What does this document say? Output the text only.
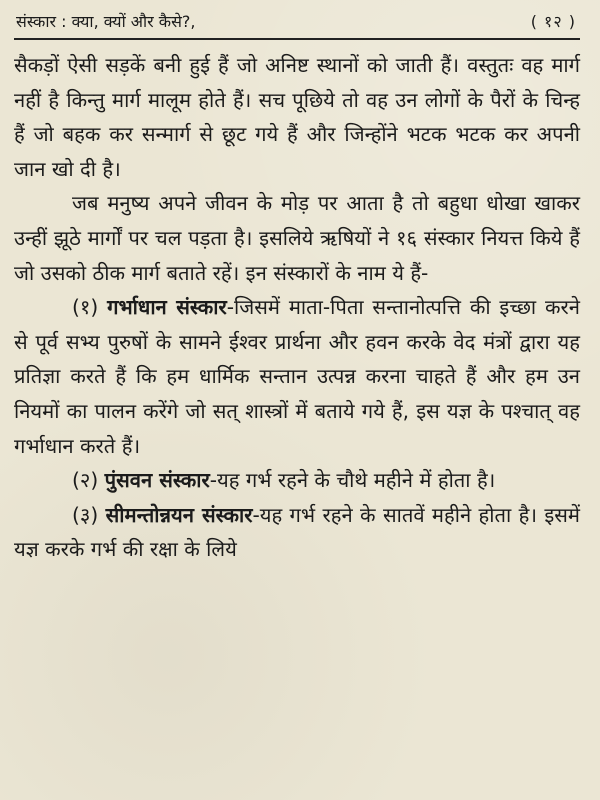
संस्कार : क्या, क्यों और कैसे?,	( १२ )

सैकड़ों ऐसी सड़कें बनी हुई हैं जो अनिष्ट स्थानों को जाती हैं। वस्तुतः वह मार्ग नहीं है किन्तु मार्ग मालूम होते हैं। सच पूछिये तो वह उन लोगों के पैरों के चिन्ह हैं जो बहक कर सन्मार्ग से छूट गये हैं और जिन्होंने भटक भटक कर अपनी जान खो दी है।

जब मनुष्य अपने जीवन के मोड़ पर आता है तो बहुधा धोखा खाकर उन्हीं झूठे मार्गों पर चल पड़ता है। इसलिये ऋषियों ने १६ संस्कार नियत्त किये हैं जो उसको ठीक मार्ग बताते रहें। इन संस्कारों के नाम ये हैं-

(१) गर्भाधान संस्कार-जिसमें माता-पिता सन्तानोत्पत्ति की इच्छा करने से पूर्व सभ्य पुरुषों के सामने ईश्वर प्रार्थना और हवन करके वेद मंत्रों द्वारा यह प्रतिज्ञा करते हैं कि हम धार्मिक सन्तान उत्पन्न करना चाहते हैं और हम उन नियमों का पालन करेंगे जो सत् शास्त्रों में बताये गये हैं, इस यज्ञ के पश्चात् वह गर्भाधान करते हैं।

(२) पुंसवन संस्कार-यह गर्भ रहने के चौथे महीने में होता है।

(३) सीमन्तोन्नयन संस्कार-यह गर्भ रहने के सातवें महीने होता है। इसमें यज्ञ करके गर्भ की रक्षा के लिये
